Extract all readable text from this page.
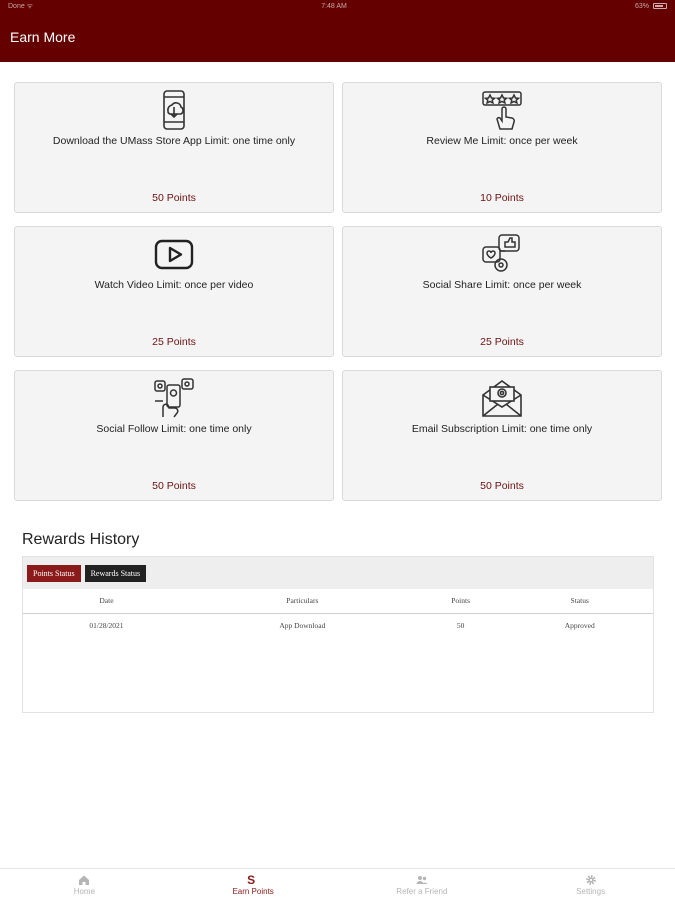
Done ᯤ	7:48 AM	63%
Earn More
Download the UMass Store App Limit: one time only
50 Points
Review Me Limit: once per week
10 Points
Watch Video Limit: once per video
25 Points
Social Share Limit: once per week
25 Points
Social Follow Limit: one time only
50 Points
Email Subscription Limit: one time only
50 Points
Rewards History
Points Status	Rewards Status
Date	Particulars	Points	Status
01/28/2021	App Download	50	Approved
Home
S
Earn Points	Refer a Friend	Settings
